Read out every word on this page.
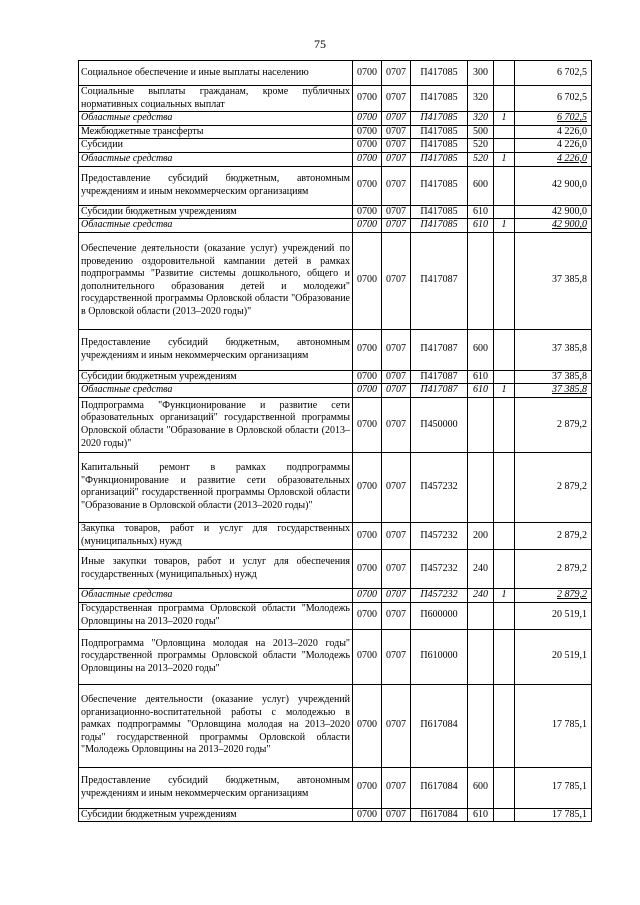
75
Социальное обеспечение и иные выплаты населению	0700	0707	П417085	300		6 702,5
Социальные выплаты гражданам, кроме публичных нормативных социальных выплат	0700	0707	П417085	320		6 702,5
Областные средства	0700	0707	П417085	320	1	6 702,5
Межбюджетные трансферты	0700	0707	П417085	500		4 226,0
Субсидии	0700	0707	П417085	520		4 226,0
Областные средства	0700	0707	П417085	520	1	4 226,0
Предоставление субсидий бюджетным, автономным учреждениям и иным некоммерческим организациям	0700	0707	П417085	600		42 900,0
Субсидии бюджетным учреждениям	0700	0707	П417085	610		42 900,0
Областные средства	0700	0707	П417085	610	1	42 900,0
Обеспечение деятельности (оказание услуг) учреждений по проведению оздоровительной кампании детей в рамках подпрограммы "Развитие системы дошкольного, общего и дополнительного образования детей и молодежи" государственной программы Орловской области "Образование в Орловской области (2013–2020 годы)"	0700	0707	П417087			37 385,8
Предоставление субсидий бюджетным, автономным учреждениям и иным некоммерческим организациям	0700	0707	П417087	600		37 385,8
Субсидии бюджетным учреждениям	0700	0707	П417087	610		37 385,8
Областные средства	0700	0707	П417087	610	1	37 385,8
Подпрограмма "Функционирование и развитие сети образовательных организаций" государственной программы Орловской области "Образование в Орловской области (2013–2020 годы)"	0700	0707	П450000			2 879,2
Капитальный ремонт в рамках подпрограммы "Функционирование и развитие сети образовательных организаций" государственной программы Орловской области "Образование в Орловской области (2013–2020 годы)"	0700	0707	П457232			2 879,2
Закупка товаров, работ и услуг для государственных (муниципальных) нужд	0700	0707	П457232	200		2 879,2
Иные закупки товаров, работ и услуг для обеспечения государственных (муниципальных) нужд	0700	0707	П457232	240		2 879,2
Областные средства	0700	0707	П457232	240	1	2 879,2
Государственная программа Орловской области "Молодежь Орловщины на 2013–2020 годы"	0700	0707	П600000			20 519,1
Подпрограмма "Орловщина молодая на 2013–2020 годы" государственной программы Орловской области "Молодежь Орловщины на 2013–2020 годы"	0700	0707	П610000			20 519,1
Обеспечение деятельности (оказание услуг) учреждений организационно-воспитательной работы с молодежью в рамках подпрограммы "Орловщина молодая на 2013–2020 годы" государственной программы Орловской области "Молодежь Орловщины на 2013–2020 годы"	0700	0707	П617084			17 785,1
Предоставление субсидий бюджетным, автономным учреждениям и иным некоммерческим организациям	0700	0707	П617084	600		17 785,1
Субсидии бюджетным учреждениям	0700	0707	П617084	610		17 785,1
